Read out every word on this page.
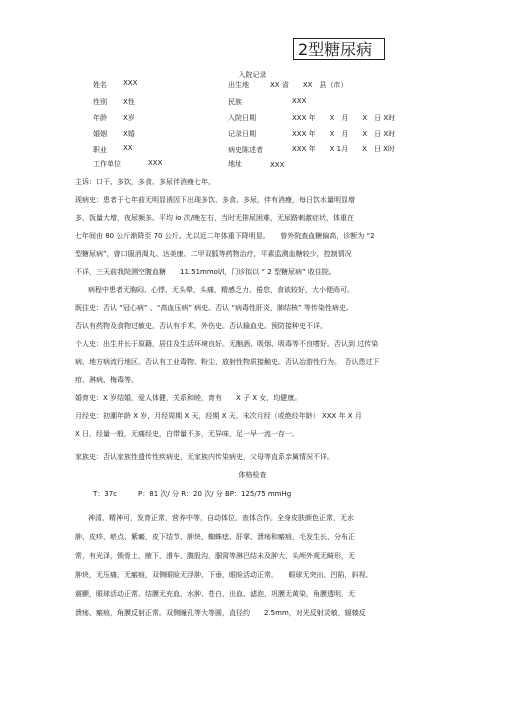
2型糖尿病
入院记录
姓名 XXX	出生地	XX 省　　XX　县（市）
性别 X性	民族	XXX
年龄 X岁	入院日期	XXX 年　　X　月　　X　日 X时
婚姻 X婚	记录日期	XXX 年　　X　月　　X　日 X时
职业 XX	病史陈述者	XXX 年　　X 1月　　X　日 X时
工作单位	XXX	地址	XXX
主诉：口干、多饮，多食、多尿伴消瘦七年。
现病史：患者于七年前无明显诱因下出现多饮、多食、多尿，伴有消瘦，每日饮水量明显增
多，饭量大增，夜尿频多。平均 io 次/晚左右，当时无排尿困难，无尿路刺激症状，体重在
七年间由 80 公斤渐降至 70 公斤。尤以近二年体重下降明显。　　曾外院查血糖偏高，诊断为 “2
型糖尿病”，曾口服消渴丸、达美康、二甲双胍等药物治疗，平素监测血糖较少，控制情况
不详，三天前我院测空腹血糖　　11.51mmol/l，门诊拟以 “ 2 型糖尿病” 收住院。
病程中患者无胸闷、心悸，无头晕，头痛，精感乏力、倦怠，食欲较好，大小便尚可。
既往史：否认 “冠心病” 、“高血压病” 病史。否认 “病毒性肝炎，肺结核” 等传染性病史。
否认有药物及食物过敏史。否认有手术、外伤史。否认输血史。预防接种史不详。
个人史：出生并长于原籍，居住及生活环境良好。无酗酒、吸烟、吸毒等不良嗜好。否认到 过传染
病、地方病流行地区。否认有工业毒物、粉尘、放射性物质接触史。否认冶游性行为。　否认患过下
疳、淋病、梅毒等。
婚育史：X 岁结婚，爱人体健，关系和睦，育有　　X 子 X 女，均健康。
月经史：初潮年龄 X 岁，月经周期 X 天，经期 X 天，末次月经（或绝经年龄） XXX 年 X 月
X 日，经量一般，无痛经史，白带量不多，无异味，足一早一流一存一。
家族史：否认家族性遗传性疾病史，无家族内传染病史，父母等直系亲属情况不详。
体格检查
T：37c　　　P：81 次/ 分 R：20 次/ 分 BP：125/75 mmHg
神清，精神可，发育正常，营养中等，自动体位，查体合作。全身皮肤颜色正常，无水
肿、皮疹、瘀点、紫癜，皮下结节、肿块、蜘蛛痣、肝掌、溃疡和瘢痕，毛发生长、分布正
常，有光泽，锁骨上，腋下，滑车、腹股沟，腘窝等淋巴结未及肿大，头颅外观无畸形，无
肿块，无压痛，无瘢痕，双侧眼睑无浮肿、下垂，眼睑活动正常。　　眼球无突出、凹陷，斜视、
震颤，眼球活动正常。结膜无充血、水肿、苍白、出血、滤泡，巩膜无黄染，角膜透明，无
溃疡、瘢痕，角膜反射正常。双侧瞳孔等大等圆，直径约　　2.5mm，对光反射灵敏，辐辏反
